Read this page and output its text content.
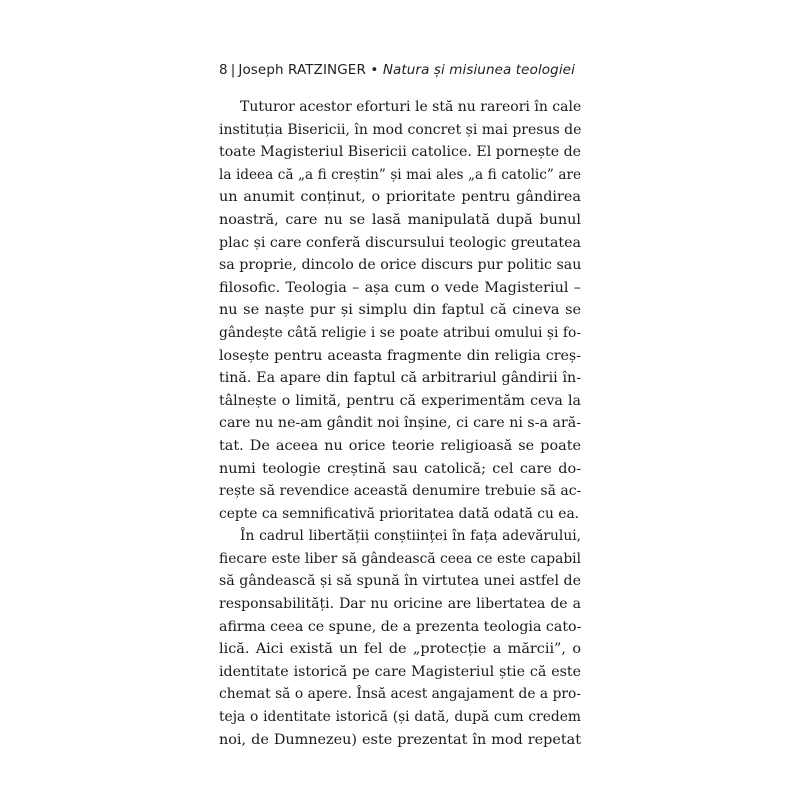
8 | Joseph RATZINGER • Natura și misiunea teologiei
Tuturor acestor eforturi le stă nu rareori în cale
instituția Bisericii, în mod concret și mai presus de
toate Magisteriul Bisericii catolice. El pornește de
la ideea că „a fi creștin” și mai ales „a fi catolic” are
un anumit conținut, o prioritate pentru gândirea
noastră, care nu se lasă manipulată după bunul
plac și care conferă discursului teologic greutatea
sa proprie, dincolo de orice discurs pur politic sau
filosofic. Teologia – așa cum o vede Magisteriul –
nu se naște pur și simplu din faptul că cineva se
gândește câtă religie i se poate atribui omului și fo-
losește pentru aceasta fragmente din religia creș-
tină. Ea apare din faptul că arbitrariul gândirii în-
tâlnește o limită, pentru că experimentăm ceva la
care nu ne-am gândit noi înșine, ci care ni s-a ară-
tat. De aceea nu orice teorie religioasă se poate
numi teologie creștină sau catolică; cel care do-
rește să revendice această denumire trebuie să ac-
cepte ca semnificativă prioritatea dată odată cu ea.
În cadrul libertății conștiinței în fața adevărului,
fiecare este liber să gândească ceea ce este capabil
să gândească și să spună în virtutea unei astfel de
responsabilități. Dar nu oricine are libertatea de a
afirma ceea ce spune, de a prezenta teologia cato-
lică. Aici există un fel de „protecție a mărcii”, o
identitate istorică pe care Magisteriul știe că este
chemat să o apere. Însă acest angajament de a pro-
teja o identitate istorică (și dată, după cum credem
noi, de Dumnezeu) este prezentat în mod repetat
